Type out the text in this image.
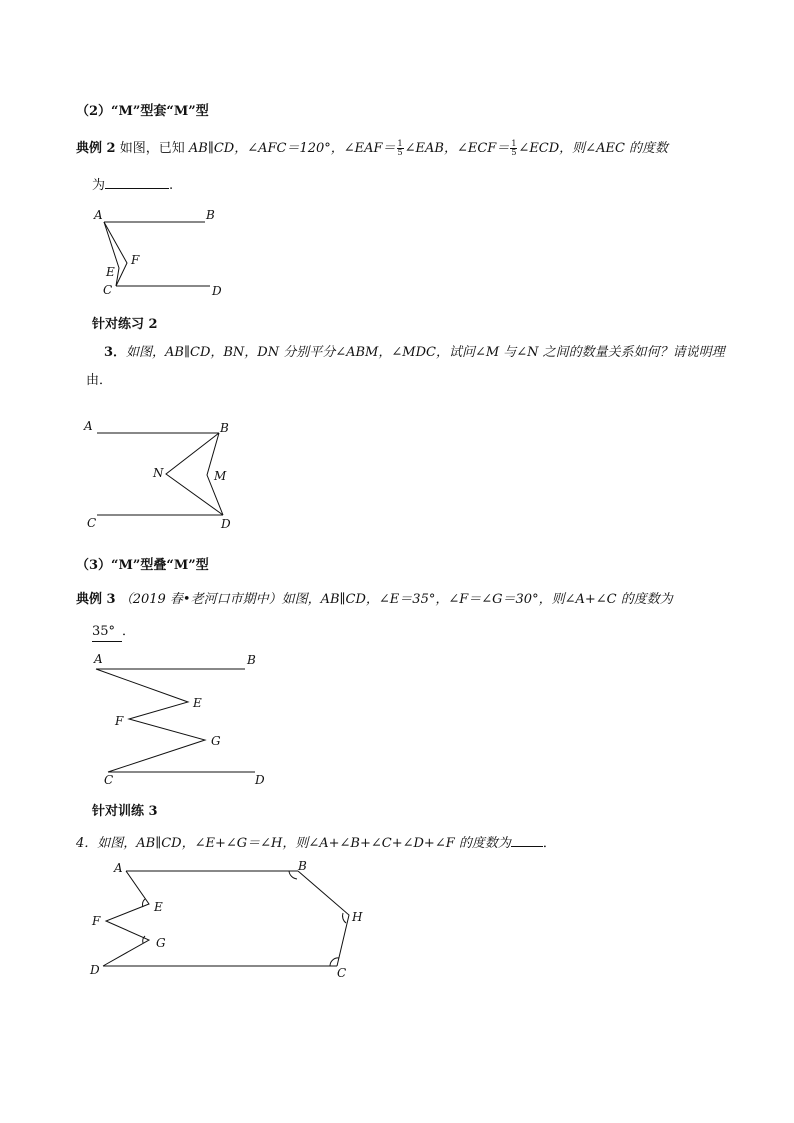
（2）“M”型套“M”型
典例 2 如图，已知 AB∥CD，∠AFC＝120°，∠EAF＝ $\frac{1}{5}$ ∠EAB，∠ECF＝ $\frac{1}{5}$ ∠ECD，则∠AEC 的度数
为	.
A	B
F
E
C	D
针对练习 2
3．如图，AB∥CD，BN，DN 分别平分∠ABM，∠MDC，试问∠M 与∠N 之间的数量关系如何？请说明理
由．
A	B
N	M
C	D
（3）“M”型叠“M”型
典例 3 （2019 春•老河口市期中）如图，AB∥CD，∠E＝35°，∠F＝∠G＝30°，则∠A+∠C 的度数为
35° ．
A	B
E
F
G
C	D
针对训练 3
4．如图，AB∥CD，∠E+∠G＝∠H，则∠A+∠B+∠C+∠D+∠F 的度数为 ．
A	B
E
H
F
G
D	C
